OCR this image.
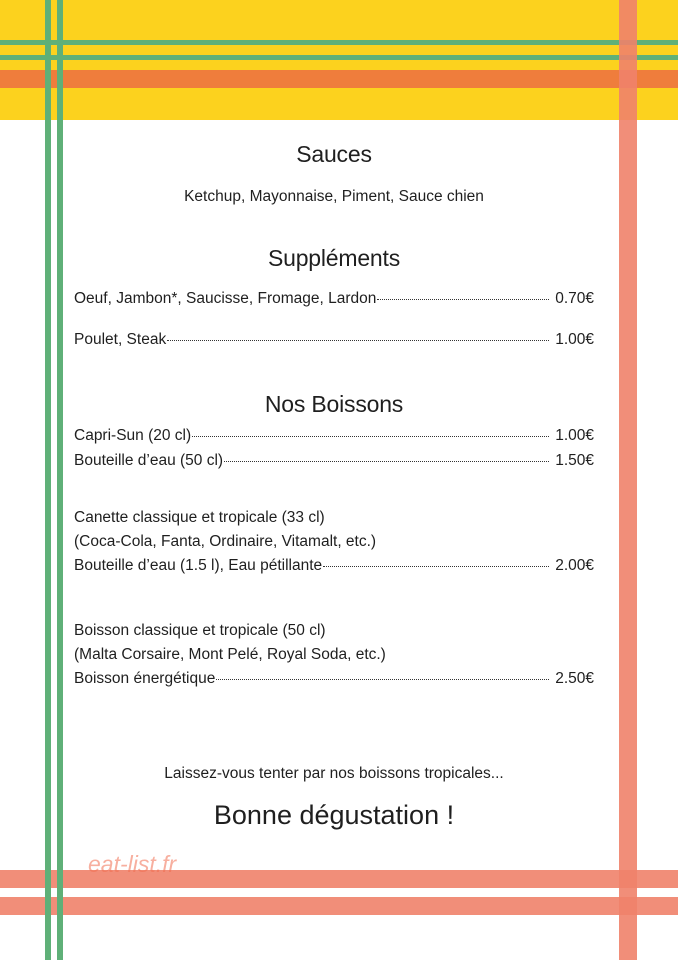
Sauces
Ketchup, Mayonnaise, Piment, Sauce chien
Suppléments
Oeuf, Jambon*, Saucisse, Fromage, Lardon	0.70€
Poulet, Steak	1.00€
Nos Boissons
Capri-Sun (20 cl)	1.00€
Bouteille d’eau (50 cl)	1.50€
Canette classique et tropicale (33 cl)
(Coca-Cola, Fanta, Ordinaire, Vitamalt, etc.)
Bouteille d’eau (1.5 l), Eau pétillante	2.00€
Boisson classique et tropicale (50 cl)
(Malta Corsaire, Mont Pelé, Royal Soda, etc.)
Boisson énergétique	2.50€
Laissez-vous tenter par nos boissons tropicales...
Bonne dégustation !
eat-list.fr
